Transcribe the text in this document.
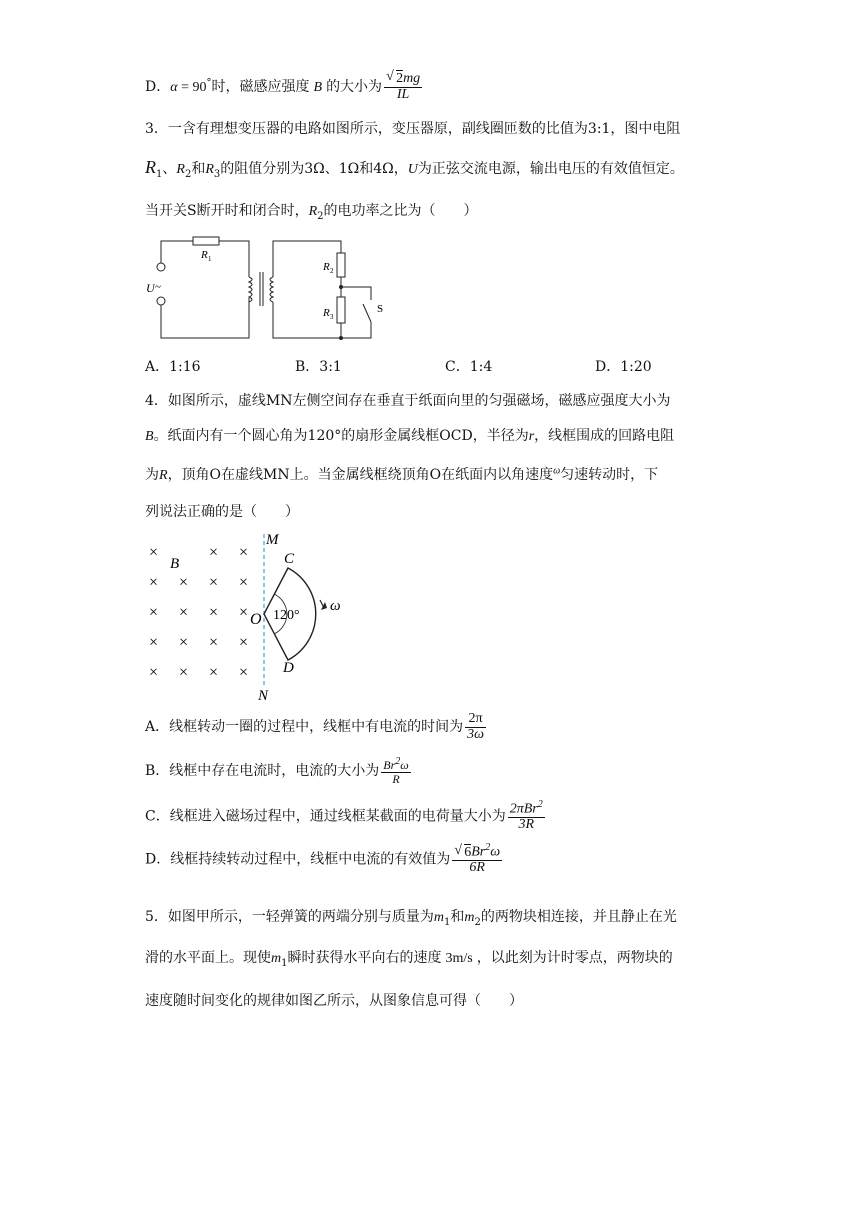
D．α = 90°时，磁感应强度 B 的大小为 √ $\frac{2mg}{IL}$
3．一含有理想变压器的电路如图所示，变压器原，副线圈匝数的比值为3:1，图中电阻
$R_1$、$R_2$和$R_3$的阻值分别为3Ω、1Ω和4Ω，U为正弦交流电源，输出电压的有效值恒定。
当开关S断开时和闭合时，$R_2$的电功率之比为（　　）
R 1
R 2
R 3
U ~
S
A．1:16	B．3:1	C．1:4	D．1:20
4．如图所示，虚线MN左侧空间存在垂直于纸面向里的匀强磁场，磁感应强度大小为
B。纸面内有一个圆心角为120°的扇形金属线框OCD，半径为r，线框围成的回路电阻
为R，顶角O在虚线MN上。当金属线框绕顶角O在纸面内以角速度$^\omega$匀速转动时，下
列说法正确的是（　　）
×	× ×
× × × ×
× × × ×
× × × ×
× × × ×
M
N
O
C
D
B
120°
ω
A．线框转动一圈的过程中，线框中有电流的时间为 $\frac{2\pi}{3\omega}$
B．线框中存在电流时，电流的大小为 $\frac{Br^2\omega}{R}$
C．线框进入磁场过程中，通过线框某截面的电荷量大小为 $\frac{2\pi Br^2}{3R}$
D．线框持续转动过程中，线框中电流的有效值为 √ $\frac{6Br^2\omega}{6R}$
5．如图甲所示，一轻弹簧的两端分别与质量为$m_1$和$m_2$的两物块相连接，并且静止在光
滑的水平面上。现使$m_1$瞬时获得水平向右的速度 3m/s ，以此刻为计时零点，两物块的
速度随时间变化的规律如图乙所示，从图象信息可得（　　）
